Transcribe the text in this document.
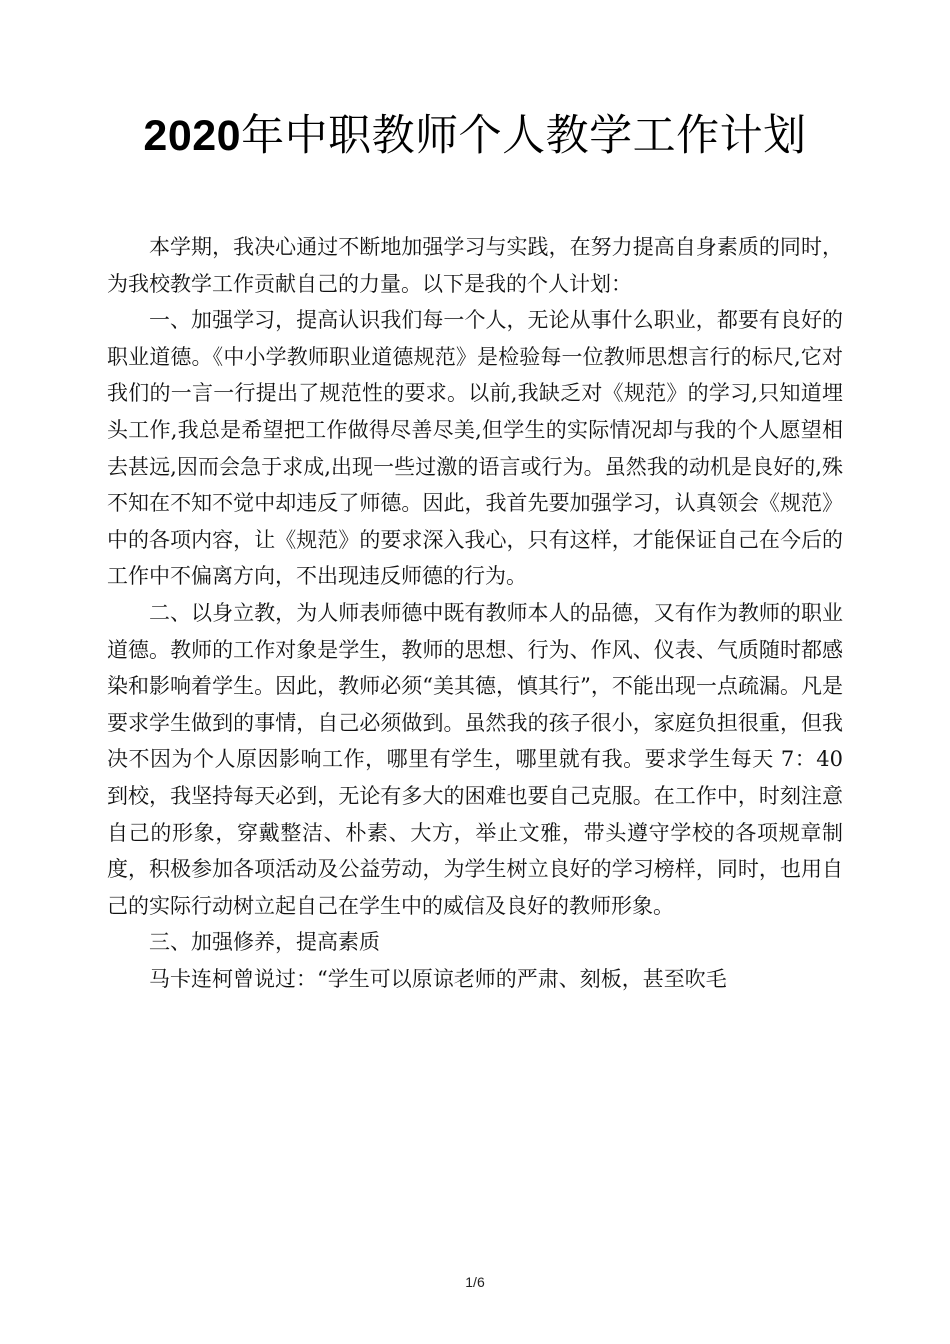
2020年中职教师个人教学工作计划

本学期，我决心通过不断地加强学习与实践，在努力提高自身素质的同时，为我校教学工作贡献自己的力量。以下是我的个人计划：

一、加强学习，提高认识我们每一个人，无论从事什么职业，都要有良好的职业道德。《中小学教师职业道德规范》是检验每一位教师思想言行的标尺,它对我们的一言一行提出了规范性的要求。以前,我缺乏对《规范》的学习,只知道埋头工作,我总是希望把工作做得尽善尽美,但学生的实际情况却与我的个人愿望相去甚远,因而会急于求成,出现一些过激的语言或行为。虽然我的动机是良好的,殊不知在不知不觉中却违反了师德。因此，我首先要加强学习，认真领会《规范》中的各项内容，让《规范》的要求深入我心，只有这样，才能保证自己在今后的工作中不偏离方向，不出现违反师德的行为。

二、以身立教，为人师表师德中既有教师本人的品德，又有作为教师的职业道德。教师的工作对象是学生，教师的思想、行为、作风、仪表、气质随时都感染和影响着学生。因此，教师必须“美其德，慎其行”，不能出现一点疏漏。凡是要求学生做到的事情，自己必须做到。虽然我的孩子很小，家庭负担很重，但我决不因为个人原因影响工作，哪里有学生，哪里就有我。要求学生每天 7：40 到校，我坚持每天必到，无论有多大的困难也要自己克服。在工作中，时刻注意自己的形象，穿戴整洁、朴素、大方，举止文雅，带头遵守学校的各项规章制度，积极参加各项活动及公益劳动，为学生树立良好的学习榜样，同时，也用自己的实际行动树立起自己在学生中的威信及良好的教师形象。

三、加强修养，提高素质

马卡连柯曾说过：“学生可以原谅老师的严肃、刻板，甚至吹毛

1/6
